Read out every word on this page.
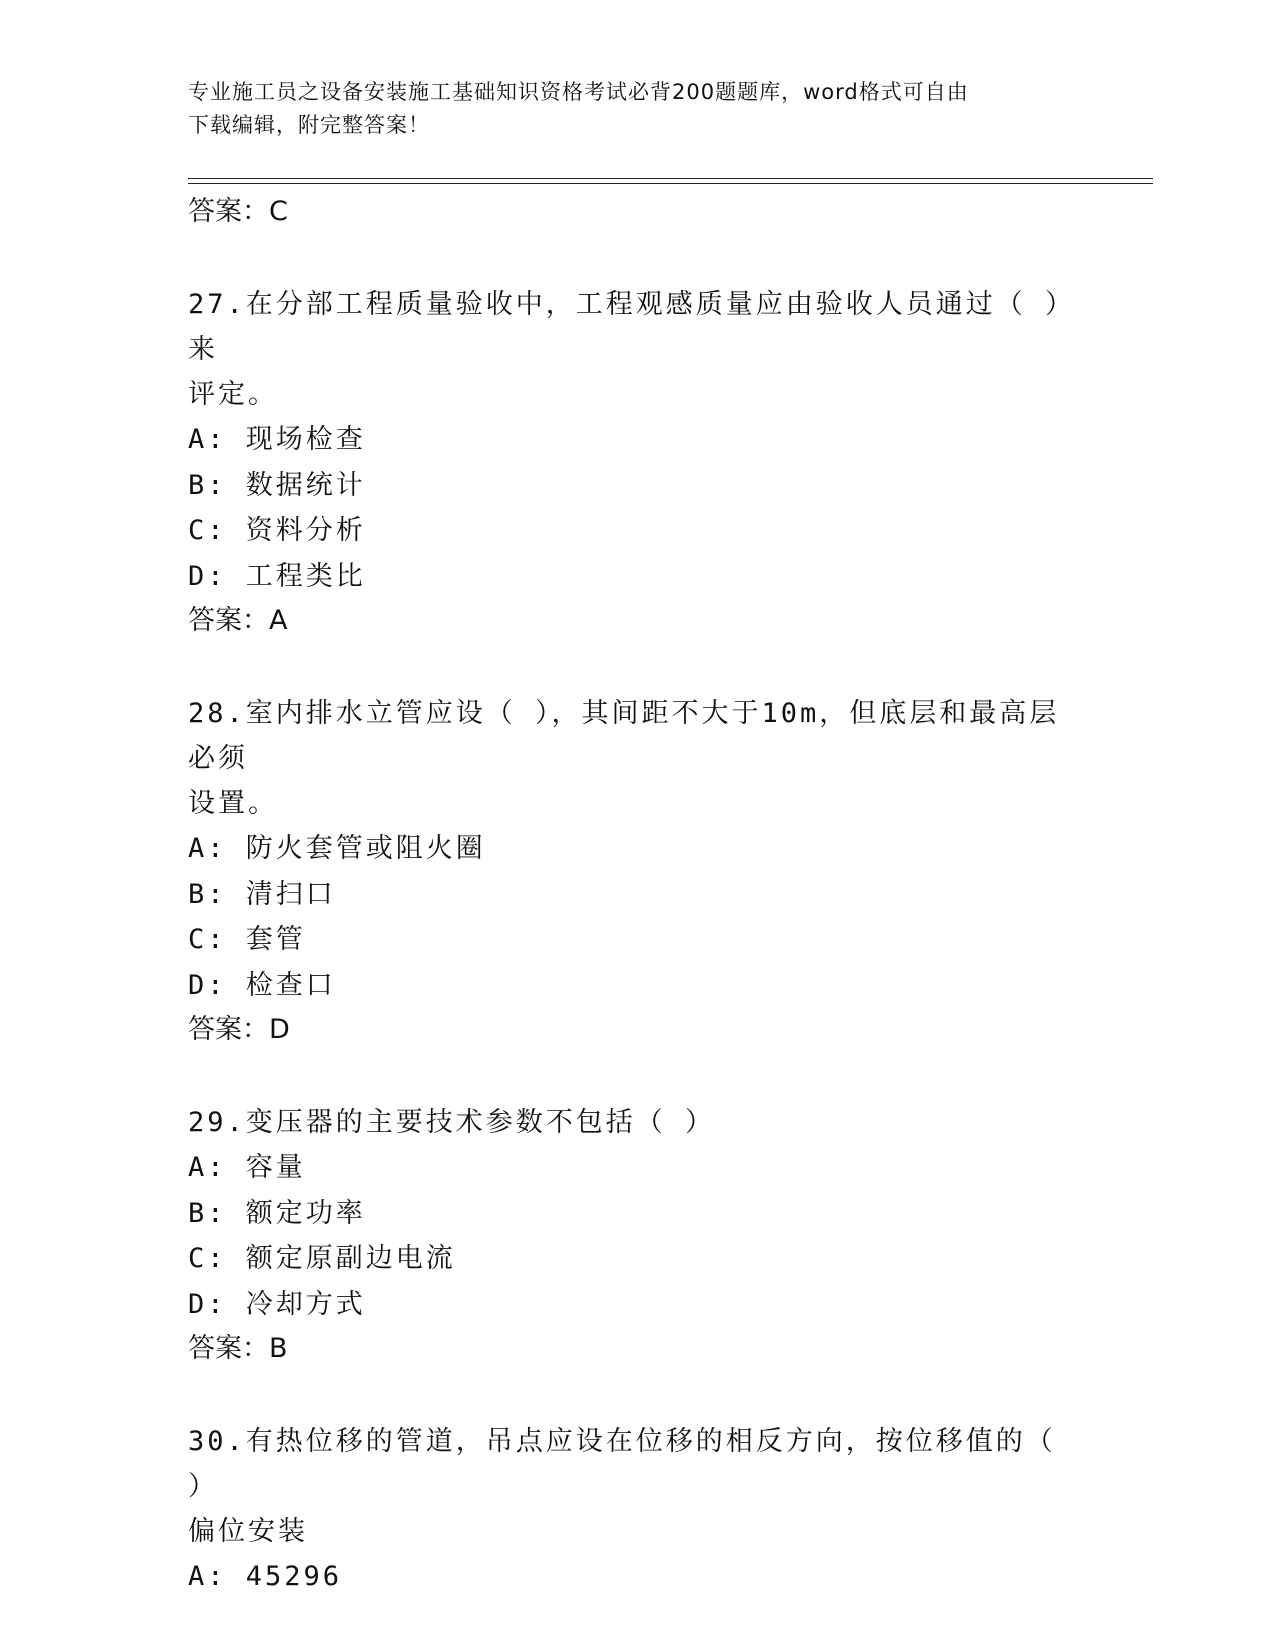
专业施工员之设备安装施工基础知识资格考试必背200题题库，word格式可自由
下载编辑，附完整答案！
答案：C
27.在分部工程质量验收中，工程观感质量应由验收人员通过（ ）来
评定。
A: 现场检查
B: 数据统计
C: 资料分析
D: 工程类比
答案：A
28.室内排水立管应设（ ），其间距不大于10m，但底层和最高层必须
设置。
A: 防火套管或阻火圈
B: 清扫口
C: 套管
D: 检查口
答案：D
29.变压器的主要技术参数不包括（ ）
A: 容量
B: 额定功率
C: 额定原副边电流
D: 冷却方式
答案：B
30.有热位移的管道，吊点应设在位移的相反方向，按位移值的（ ）
偏位安装
A: 45296
